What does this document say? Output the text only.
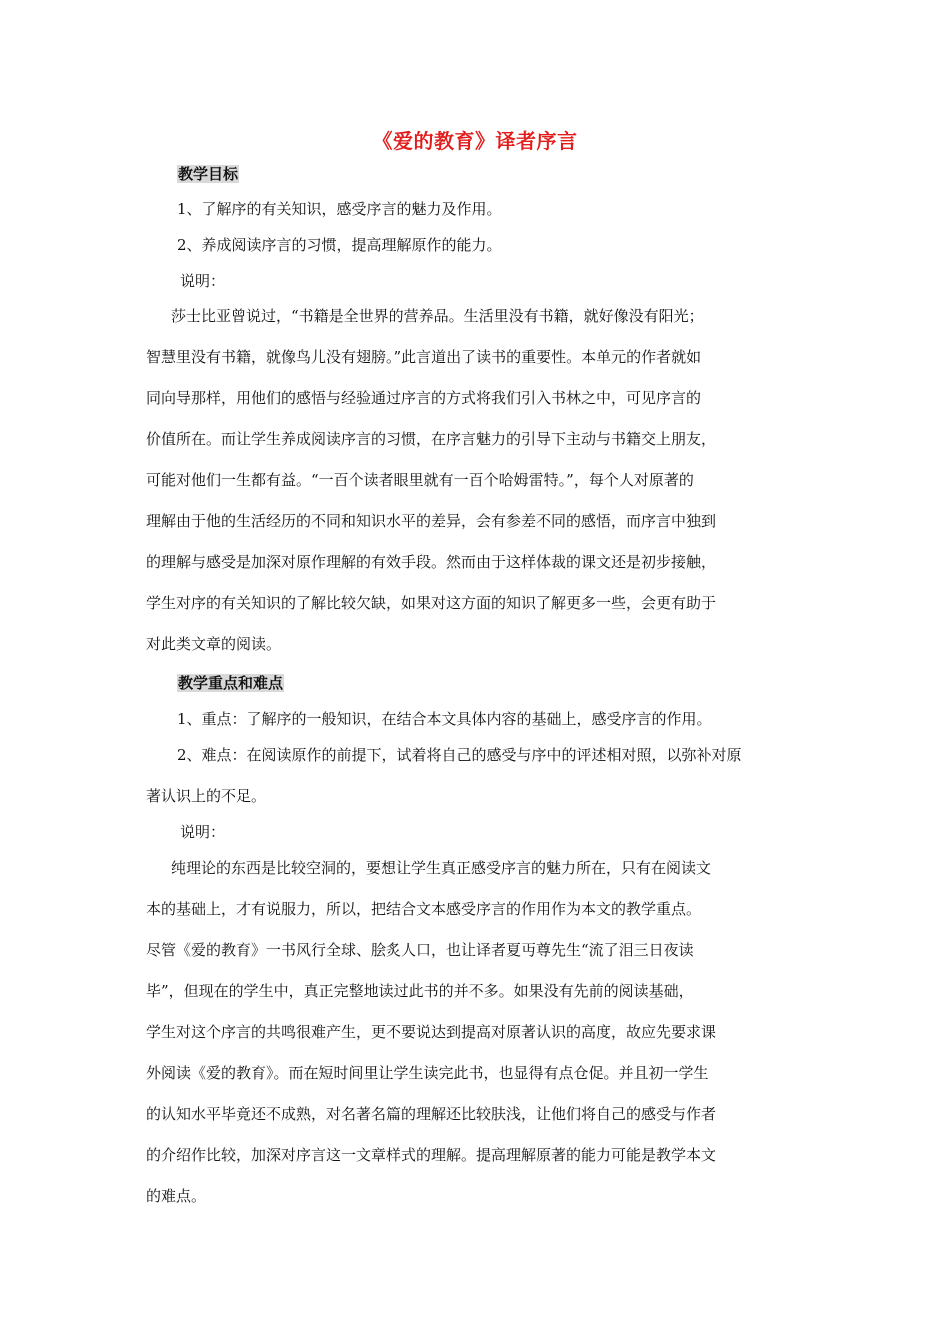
《爱的教育》译者序言
教学目标
1、了解序的有关知识，感受序言的魅力及作用。
2、养成阅读序言的习惯，提高理解原作的能力。
说明：
莎士比亚曾说过，“书籍是全世界的营养品。生活里没有书籍，就好像没有阳光；
智慧里没有书籍，就像鸟儿没有翅膀。”此言道出了读书的重要性。本单元的作者就如
同向导那样，用他们的感悟与经验通过序言的方式将我们引入书林之中，可见序言的
价值所在。而让学生养成阅读序言的习惯，在序言魅力的引导下主动与书籍交上朋友，
可能对他们一生都有益。“一百个读者眼里就有一百个哈姆雷特。”，每个人对原著的
理解由于他的生活经历的不同和知识水平的差异，会有参差不同的感悟，而序言中独到
的理解与感受是加深对原作理解的有效手段。然而由于这样体裁的课文还是初步接触，
学生对序的有关知识的了解比较欠缺，如果对这方面的知识了解更多一些，会更有助于
对此类文章的阅读。
教学重点和难点
1、重点：了解序的一般知识，在结合本文具体内容的基础上，感受序言的作用。
2、难点：在阅读原作的前提下，试着将自己的感受与序中的评述相对照，以弥补对原
著认识上的不足。
说明：
纯理论的东西是比较空洞的，要想让学生真正感受序言的魅力所在，只有在阅读文
本的基础上，才有说服力，所以，把结合文本感受序言的作用作为本文的教学重点。
尽管《爱的教育》一书风行全球、脍炙人口，也让译者夏丏尊先生“流了泪三日夜读
毕”，但现在的学生中，真正完整地读过此书的并不多。如果没有先前的阅读基础，
学生对这个序言的共鸣很难产生，更不要说达到提高对原著认识的高度，故应先要求课
外阅读《爱的教育》。而在短时间里让学生读完此书，也显得有点仓促。并且初一学生
的认知水平毕竟还不成熟，对名著名篇的理解还比较肤浅，让他们将自己的感受与作者
的介绍作比较，加深对序言这一文章样式的理解。提高理解原著的能力可能是教学本文
的难点。
